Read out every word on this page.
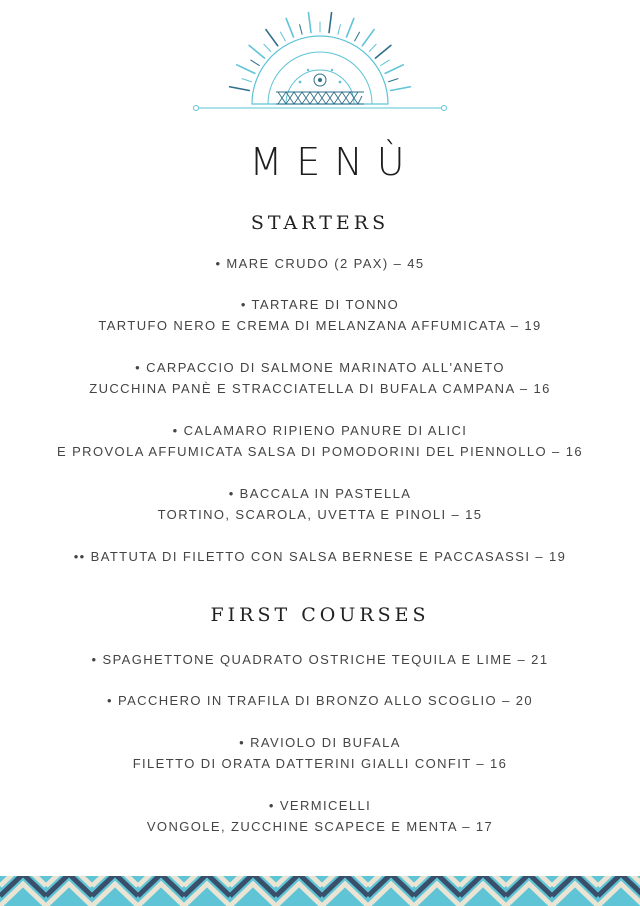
MENÙ
STARTERS
• MARE CRUDO (2 PAX) – 45
• TARTARE DI TONNO
TARTUFO NERO E CREMA DI MELANZANA AFFUMICATA – 19
• CARPACCIO DI SALMONE MARINATO ALL'ANETO
ZUCCHINA PANÈ E STRACCIATELLA DI BUFALA CAMPANA – 16
• CALAMARO RIPIENO PANURE DI ALICI
E PROVOLA AFFUMICATA SALSA DI POMODORINI DEL PIENNOLLO – 16
• BACCALA IN PASTELLA
TORTINO, SCAROLA, UVETTA E PINOLI – 15
•• BATTUTA DI FILETTO CON SALSA BERNESE E PACCASASSI – 19
FIRST COURSES
• SPAGHETTONE QUADRATO OSTRICHE TEQUILA E LIME – 21
• PACCHERO IN TRAFILA DI BRONZO ALLO SCOGLIO – 20
• RAVIOLO DI BUFALA
FILETTO DI ORATA DATTERINI GIALLI CONFIT – 16
• VERMICELLI
VONGOLE, ZUCCHINE SCAPECE E MENTA – 17
